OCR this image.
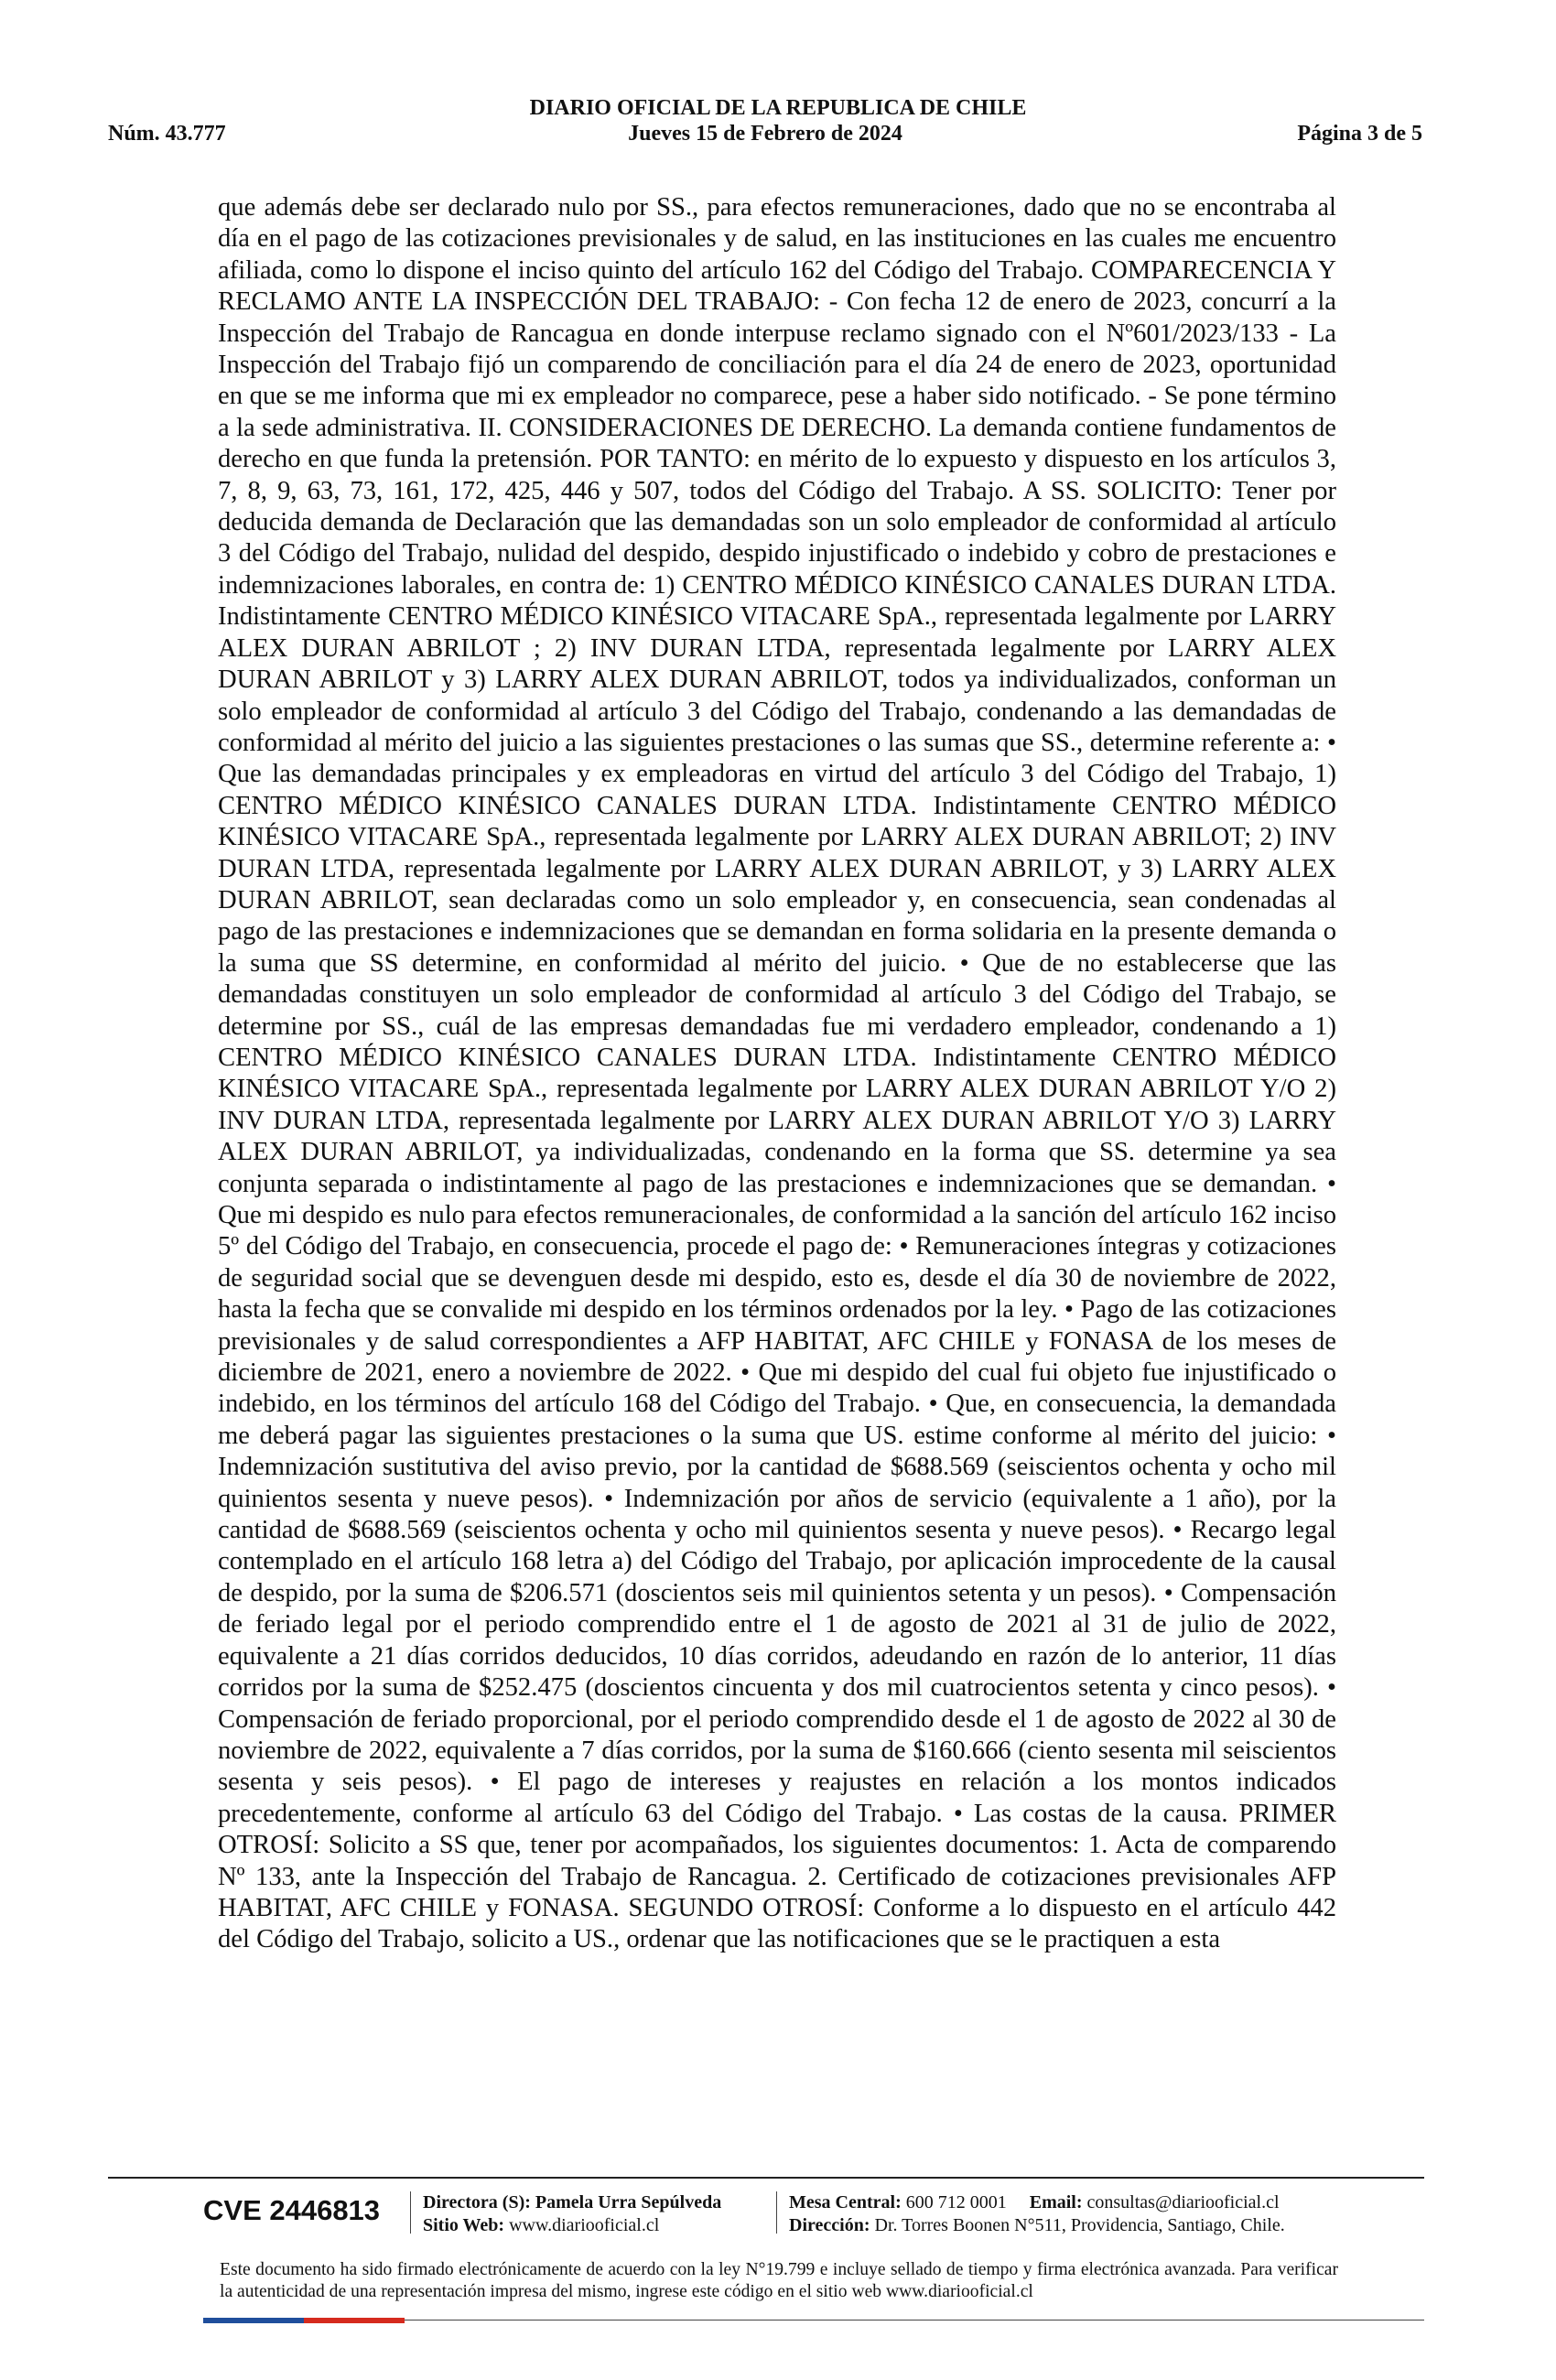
DIARIO OFICIAL DE LA REPUBLICA DE CHILE
Núm. 43.777	Jueves 15 de Febrero de 2024	Página 3 de 5

que además debe ser declarado nulo por SS., para efectos remuneraciones, dado que no se encontraba al día en el pago de las cotizaciones previsionales y de salud, en las instituciones en las cuales me encuentro afiliada, como lo dispone el inciso quinto del artículo 162 del Código del Trabajo. COMPARECENCIA Y RECLAMO ANTE LA INSPECCIÓN DEL TRABAJO: - Con fecha 12 de enero de 2023, concurrí a la Inspección del Trabajo de Rancagua en donde interpuse reclamo signado con el Nº601/2023/133 - La Inspección del Trabajo fijó un comparendo de conciliación para el día 24 de enero de 2023, oportunidad en que se me informa que mi ex empleador no comparece, pese a haber sido notificado. - Se pone término a la sede administrativa. II. CONSIDERACIONES DE DERECHO. La demanda contiene fundamentos de derecho en que funda la pretensión. POR TANTO: en mérito de lo expuesto y dispuesto en los artículos 3, 7, 8, 9, 63, 73, 161, 172, 425, 446 y 507, todos del Código del Trabajo. A SS. SOLICITO: Tener por deducida demanda de Declaración que las demandadas son un solo empleador de conformidad al artículo 3 del Código del Trabajo, nulidad del despido, despido injustificado o indebido y cobro de prestaciones e indemnizaciones laborales, en contra de: 1) CENTRO MÉDICO KINÉSICO CANALES DURAN LTDA. Indistintamente CENTRO MÉDICO KINÉSICO VITACARE SpA., representada legalmente por LARRY ALEX DURAN ABRILOT ; 2) INV DURAN LTDA, representada legalmente por LARRY ALEX DURAN ABRILOT y 3) LARRY ALEX DURAN ABRILOT, todos ya individualizados, conforman un solo empleador de conformidad al artículo 3 del Código del Trabajo, condenando a las demandadas de conformidad al mérito del juicio a las siguientes prestaciones o las sumas que SS., determine referente a: • Que las demandadas principales y ex empleadoras en virtud del artículo 3 del Código del Trabajo, 1) CENTRO MÉDICO KINÉSICO CANALES DURAN LTDA. Indistintamente CENTRO MÉDICO KINÉSICO VITACARE SpA., representada legalmente por LARRY ALEX DURAN ABRILOT; 2) INV DURAN LTDA, representada legalmente por LARRY ALEX DURAN ABRILOT, y 3) LARRY ALEX DURAN ABRILOT, sean declaradas como un solo empleador y, en consecuencia, sean condenadas al pago de las prestaciones e indemnizaciones que se demandan en forma solidaria en la presente demanda o la suma que SS determine, en conformidad al mérito del juicio. • Que de no establecerse que las demandadas constituyen un solo empleador de conformidad al artículo 3 del Código del Trabajo, se determine por SS., cuál de las empresas demandadas fue mi verdadero empleador, condenando a 1) CENTRO MÉDICO KINÉSICO CANALES DURAN LTDA. Indistintamente CENTRO MÉDICO KINÉSICO VITACARE SpA., representada legalmente por LARRY ALEX DURAN ABRILOT Y/O 2) INV DURAN LTDA, representada legalmente por LARRY ALEX DURAN ABRILOT Y/O 3) LARRY ALEX DURAN ABRILOT, ya individualizadas, condenando en la forma que SS. determine ya sea conjunta separada o indistintamente al pago de las prestaciones e indemnizaciones que se demandan. • Que mi despido es nulo para efectos remuneracionales, de conformidad a la sanción del artículo 162 inciso 5º del Código del Trabajo, en consecuencia, procede el pago de: • Remuneraciones íntegras y cotizaciones de seguridad social que se devenguen desde mi despido, esto es, desde el día 30 de noviembre de 2022, hasta la fecha que se convalide mi despido en los términos ordenados por la ley. • Pago de las cotizaciones previsionales y de salud correspondientes a AFP HABITAT, AFC CHILE y FONASA de los meses de diciembre de 2021, enero a noviembre de 2022. • Que mi despido del cual fui objeto fue injustificado o indebido, en los términos del artículo 168 del Código del Trabajo. • Que, en consecuencia, la demandada me deberá pagar las siguientes prestaciones o la suma que US. estime conforme al mérito del juicio: • Indemnización sustitutiva del aviso previo, por la cantidad de $688.569 (seiscientos ochenta y ocho mil quinientos sesenta y nueve pesos). • Indemnización por años de servicio (equivalente a 1 año), por la cantidad de $688.569 (seiscientos ochenta y ocho mil quinientos sesenta y nueve pesos). • Recargo legal contemplado en el artículo 168 letra a) del Código del Trabajo, por aplicación improcedente de la causal de despido, por la suma de $206.571 (doscientos seis mil quinientos setenta y un pesos). • Compensación de feriado legal por el periodo comprendido entre el 1 de agosto de 2021 al 31 de julio de 2022, equivalente a 21 días corridos deducidos, 10 días corridos, adeudando en razón de lo anterior, 11 días corridos por la suma de $252.475 (doscientos cincuenta y dos mil cuatrocientos setenta y cinco pesos). • Compensación de feriado proporcional, por el periodo comprendido desde el 1 de agosto de 2022 al 30 de noviembre de 2022, equivalente a 7 días corridos, por la suma de $160.666 (ciento sesenta mil seiscientos sesenta y seis pesos). • El pago de intereses y reajustes en relación a los montos indicados precedentemente, conforme al artículo 63 del Código del Trabajo. • Las costas de la causa. PRIMER OTROSÍ: Solicito a SS que, tener por acompañados, los siguientes documentos: 1. Acta de comparendo Nº 133, ante la Inspección del Trabajo de Rancagua. 2. Certificado de cotizaciones previsionales AFP HABITAT, AFC CHILE y FONASA. SEGUNDO OTROSÍ: Conforme a lo dispuesto en el artículo 442 del Código del Trabajo, solicito a US., ordenar que las notificaciones que se le practiquen a esta

CVE 2446813 Directora (S): Pamela Urra Sepúlveda
Sitio Web: www.diariooficial.cl
Mesa Central: 600 712 0001 Email: consultas@diariooficial.cl
Dirección: Dr. Torres Boonen N°511, Providencia, Santiago, Chile.

Este documento ha sido firmado electrónicamente de acuerdo con la ley N°19.799 e incluye sellado de tiempo y firma electrónica avanzada. Para verificar la autenticidad de una representación impresa del mismo, ingrese este código en el sitio web www.diariooficial.cl
